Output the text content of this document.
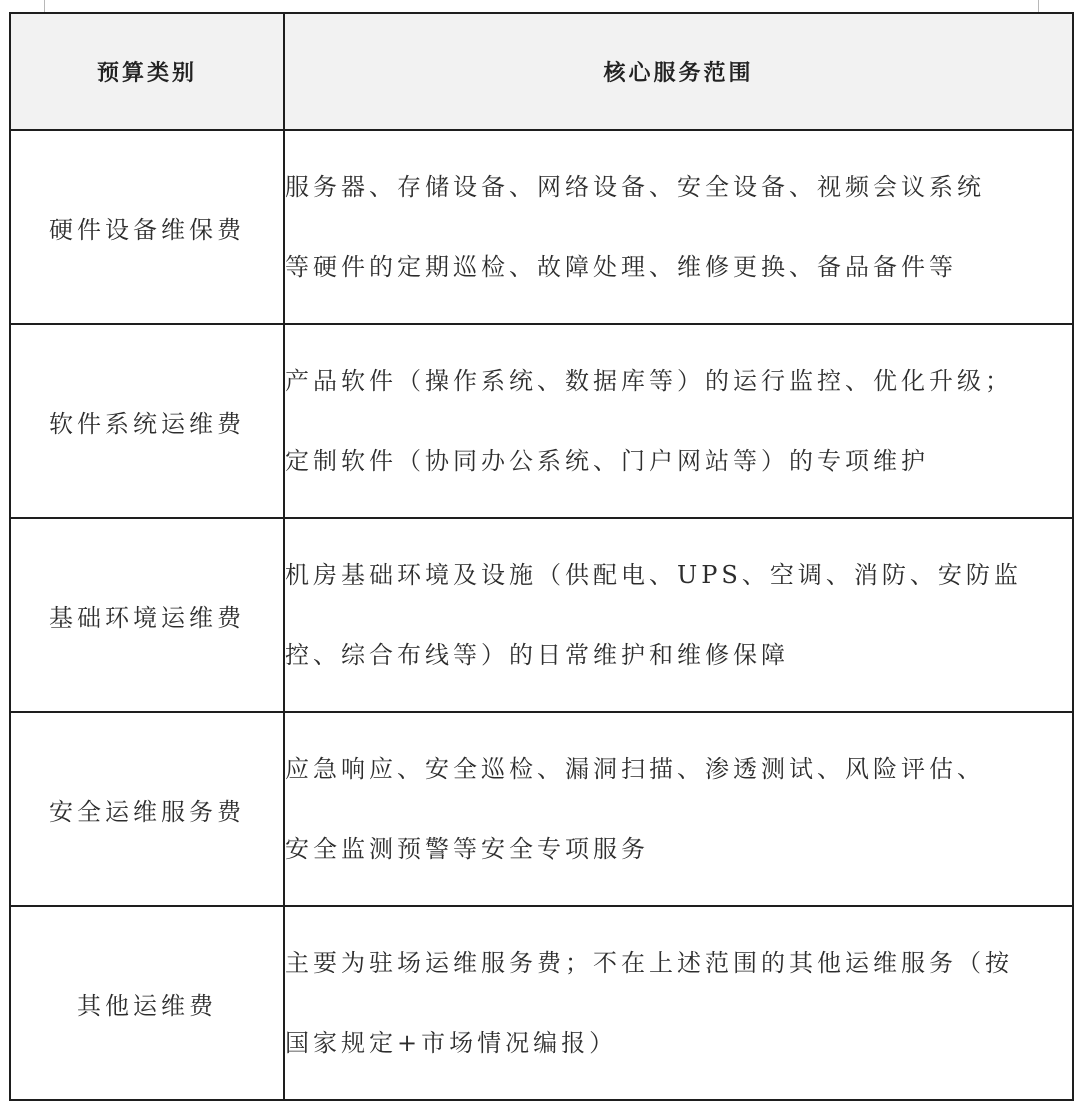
预算类别	核心服务范围
硬件设备维保费	服务器、存储设备、网络设备、安全设备、视频会议系统
等硬件的定期巡检、故障处理、维修更换、备品备件等

软件系统运维费	产品软件（操作系统、数据库等）的运行监控、优化升级；
定制软件（协同办公系统、门户网站等）的专项维护

基础环境运维费	机房基础环境及设施（供配电、UPS、空调、消防、安防监
控、综合布线等）的日常维护和维修保障

安全运维服务费	应急响应、安全巡检、漏洞扫描、渗透测试、风险评估、
安全监测预警等安全专项服务

其他运维费	主要为驻场运维服务费；不在上述范围的其他运维服务（按
国家规定+市场情况编报）
